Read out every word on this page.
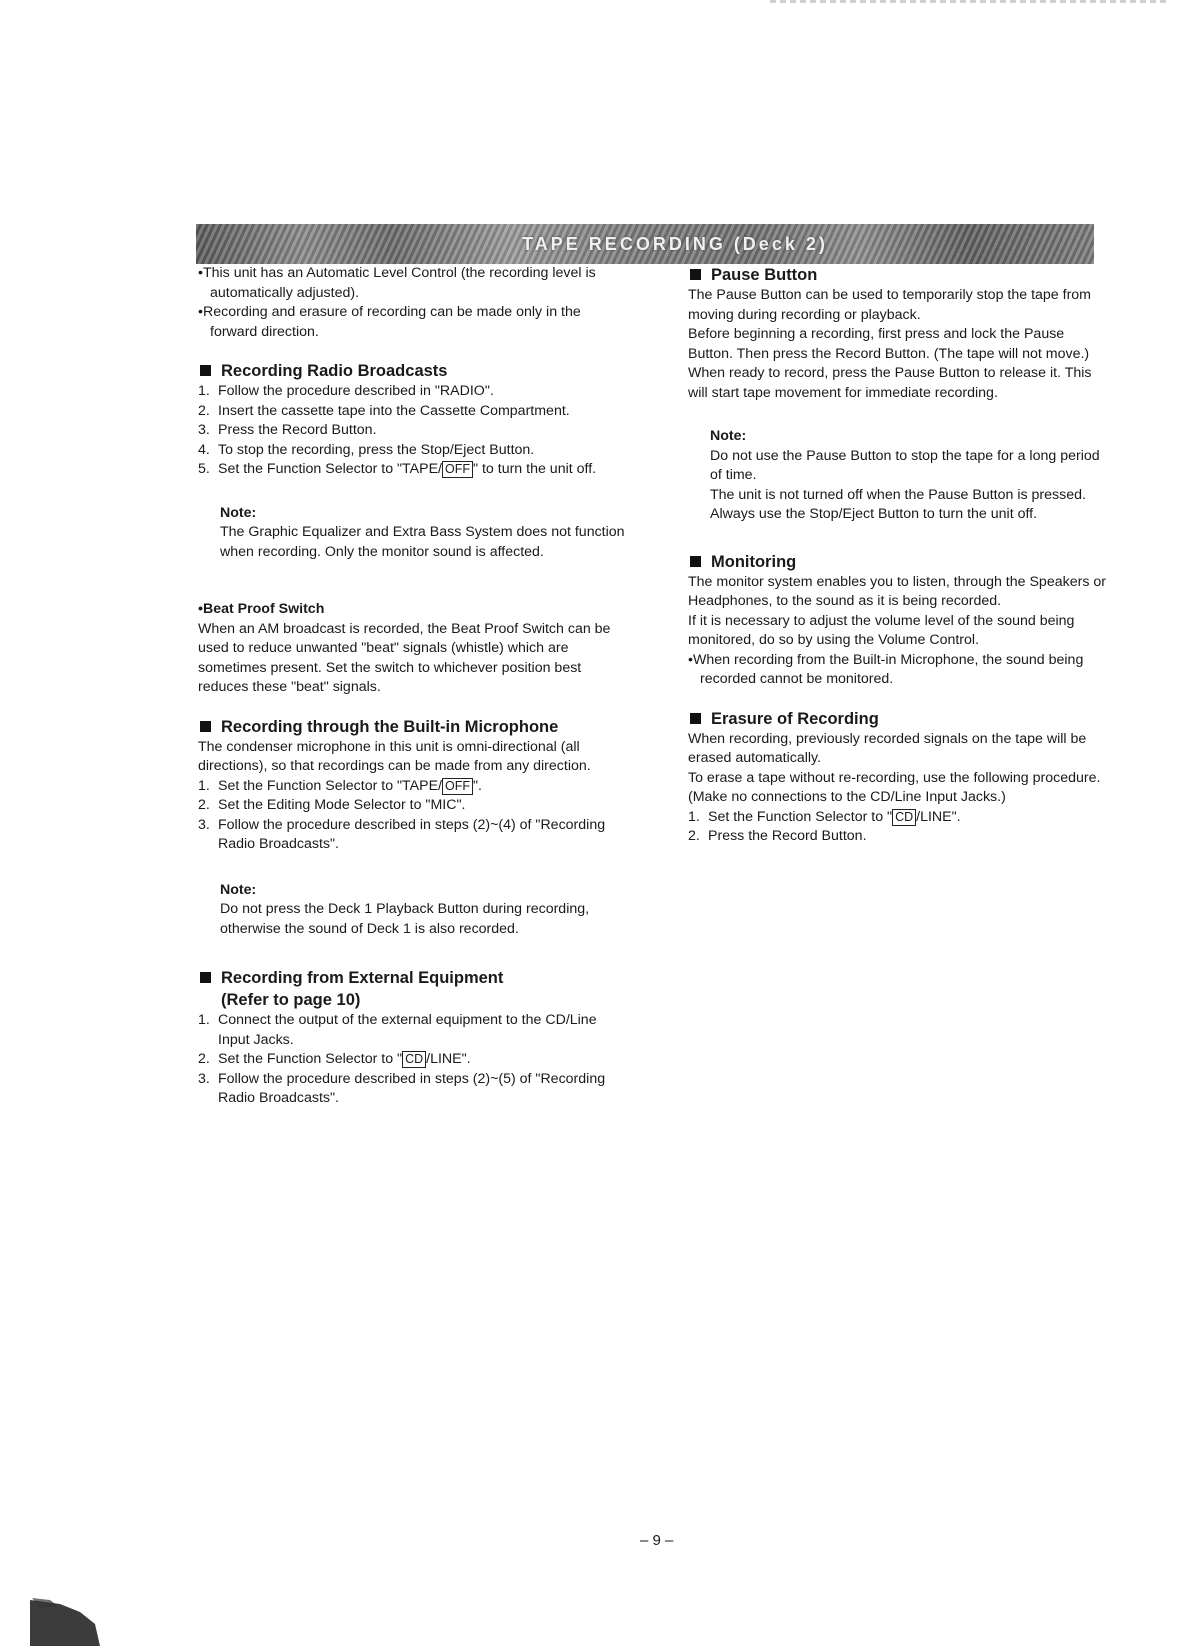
TAPE RECORDING (Deck 2)

•This unit has an Automatic Level Control (the recording level is automatically adjusted).

•Recording and erasure of recording can be made only in the forward direction.

Recording Radio Broadcasts
1. Follow the procedure described in "RADIO".
2. Insert the cassette tape into the Cassette Compartment.
3. Press the Record Button.
4. To stop the recording, press the Stop/Eject Button.
5. Set the Function Selector to "TAPE/ OFF " to turn the unit off.

Note:

The Graphic Equalizer and Extra Bass System does not function when recording. Only the monitor sound is affected.

•Beat Proof Switch

When an AM broadcast is recorded, the Beat Proof Switch can be used to reduce unwanted "beat" signals (whistle) which are sometimes present. Set the switch to whichever position best reduces these "beat" signals.

Recording through the Built-in Microphone

The condenser microphone in this unit is omni-directional (all directions), so that recordings can be made from any direction.

1. Set the Function Selector to "TAPE/ OFF ".
2. Set the Editing Mode Selector to "MIC".
3. Follow the procedure described in steps (2)~(4) of "Recording Radio Broadcasts".

Note:

Do not press the Deck 1 Playback Button during recording, otherwise the sound of Deck 1 is also recorded.

Recording from External Equipment
(Refer to page 10)
1. Connect the output of the external equipment to the CD/Line Input Jacks.
2. Set the Function Selector to " CD /LINE".
3. Follow the procedure described in steps (2)~(5) of "Recording Radio Broadcasts".
Pause Button

The Pause Button can be used to temporarily stop the tape from moving during recording or playback.

Before beginning a recording, first press and lock the Pause Button. Then press the Record Button. (The tape will not move.) When ready to record, press the Pause Button to release it. This will start tape movement for immediate recording.

Note:

Do not use the Pause Button to stop the tape for a long period of time.

The unit is not turned off when the Pause Button is pressed. Always use the Stop/Eject Button to turn the unit off.

Monitoring

The monitor system enables you to listen, through the Speakers or Headphones, to the sound as it is being recorded.

If it is necessary to adjust the volume level of the sound being monitored, do so by using the Volume Control.

•When recording from the Built-in Microphone, the sound being recorded cannot be monitored.

Erasure of Recording

When recording, previously recorded signals on the tape will be erased automatically.

To erase a tape without re-recording, use the following procedure. (Make no connections to the CD/Line Input Jacks.)

1. Set the Function Selector to " CD /LINE".
2. Press the Record Button.
– 9 –
